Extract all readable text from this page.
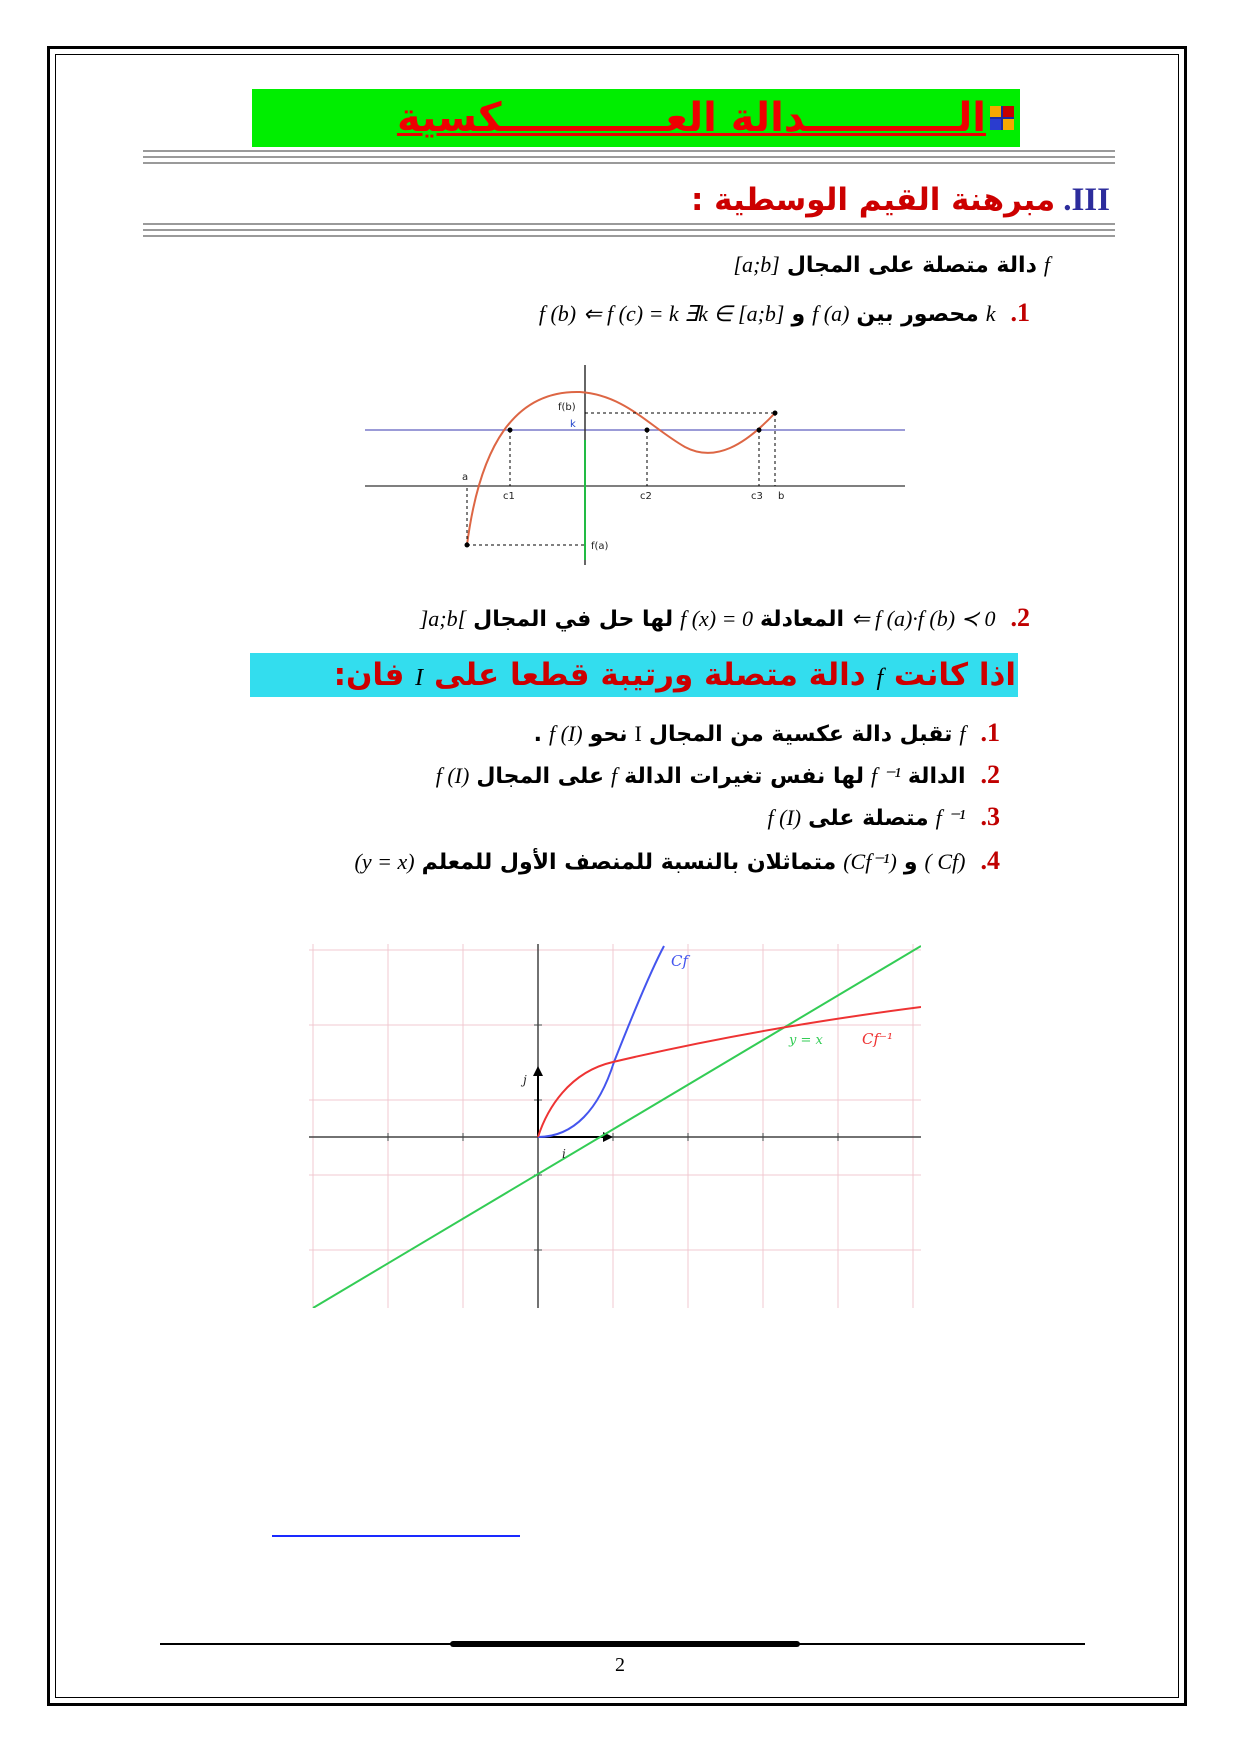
الـــــــــــدالة العــــــــــــكسية
III.مبرهنة القيم الوسطية :
f دالة متصلة على المجال [a;b]
1. k محصور بين f (a) و f (b) ⇐ f (c) = k ∃k ∈ [a;b]
f(b)
k
a
c1	c2	c3 b
f(a)
2. f (a)·f (b) ≺ 0 ⇐ المعادلة f (x) = 0 لها حل في المجال ]a;b[
اذا كانت f دالة متصلة ورتيبة قطعا على I فان:
1. f تقبل دالة عكسية من المجال I نحو f (I) .
2. الدالة f ⁻¹ لها نفس تغيرات الدالة f على المجال f (I)
3. f ⁻¹ متصلة على f (I)
4. (Cf ) و (Cf⁻¹) متماثلان بالنسبة للمنصف الأول للمعلم (y = x)
Cf
Cf⁻¹
y = x
i
j
2
